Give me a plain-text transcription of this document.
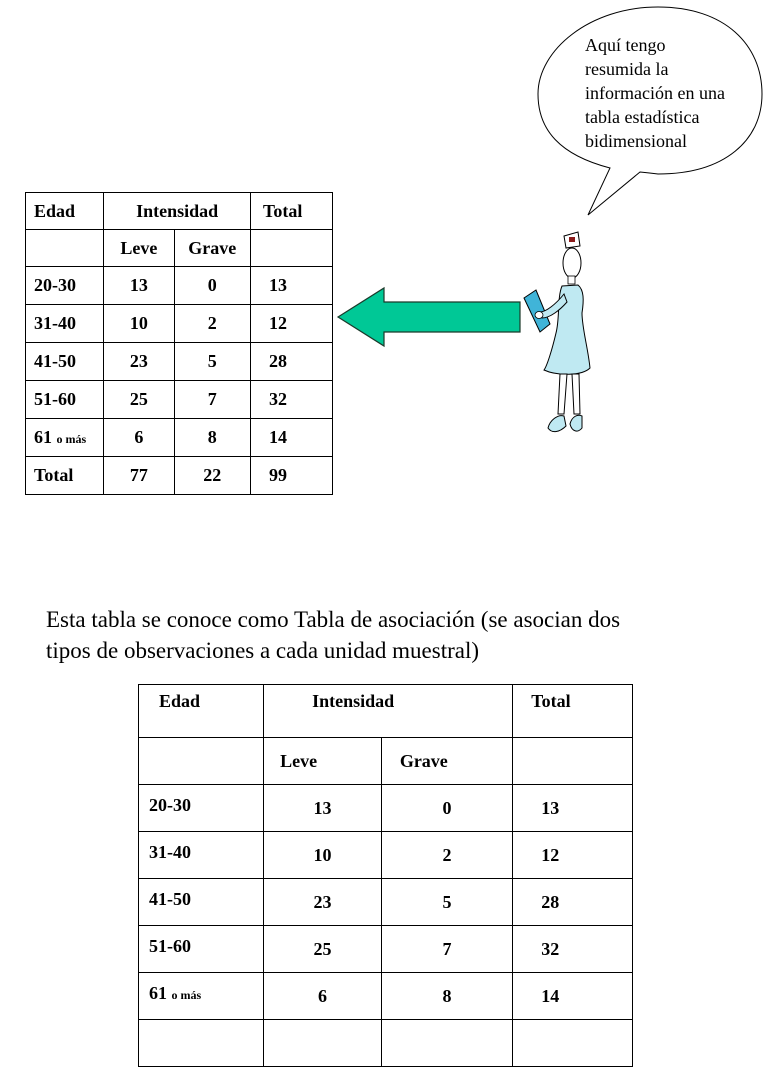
Aquí tengo
resumida la
información en una
tabla estadística
bidimensional
Edad	Intensidad		Total
	Leve	Grave	
20-30	13	0	13
31-40	10	2	12
41-50	23	5	28
51-60	25	7	32
61 o más	6	8	14
Total	77	22	99
Esta tabla se conoce como Tabla de asociación (se asocian dos
tipos de observaciones a cada unidad muestral)
Edad	Intensidad		Total
	Leve	Grave	
20-30	13	0	13
31-40	10	2	12
41-50	23	5	28
51-60	25	7	32
61 o más	6	8	14
